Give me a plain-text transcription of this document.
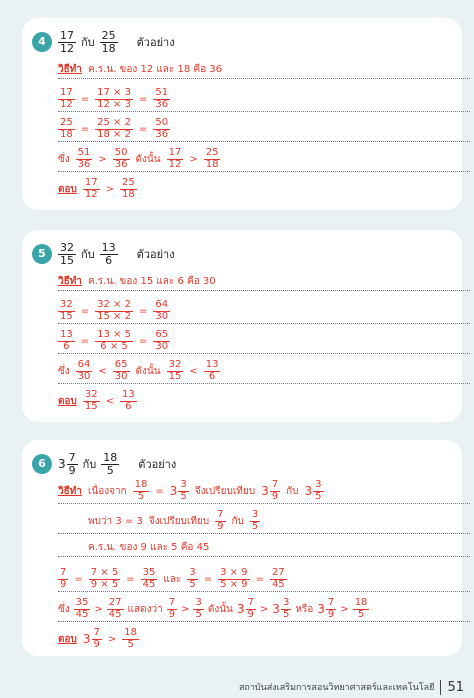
4	$\frac{17}{12}$ กับ $\frac{25}{18}$ ตัวอย่าง
วิธีทำ ค.ร.น. ของ 12 และ 18 คือ 36
$\frac{17}{12} = \frac{17 \times 3}{12 \times 3} = \frac{51}{36}$
$\frac{25}{18} = \frac{25 \times 2}{18 \times 2} = \frac{50}{36}$
ซึ่ง $\frac{51}{36} > \frac{50}{36}$ ดังนั้น $\frac{17}{12} > \frac{25}{18}$
ตอบ $\frac{17}{12} > \frac{25}{18}$
5	$\frac{32}{15}$ กับ $\frac{13}{6}$ ตัวอย่าง
วิธีทำ ค.ร.น. ของ 15 และ 6 คือ 30
$\frac{32}{15} = \frac{32 \times 2}{15 \times 2} = \frac{64}{30}$
$\frac{13}{6} = \frac{13 \times 5}{6 \times 5} = \frac{65}{30}$
ซึ่ง $\frac{64}{30} < \frac{65}{30}$ ดังนั้น $\frac{32}{15} < \frac{13}{6}$
ตอบ $\frac{32}{15} < \frac{13}{6}$
6	$3 \frac{7}{9}$ กับ $\frac{18}{5}$ ตัวอย่าง
วิธีทำ เนื่องจาก $\frac{18}{5} = 3 \frac{3}{5}$ จึงเปรียบเทียบ $3 \frac{7}{9}$ กับ $3 \frac{3}{5}$
พบว่า 3 = 3 จึงเปรียบเทียบ $\frac{7}{9}$ กับ $\frac{3}{5}$
ค.ร.น. ของ 9 และ 5 คือ 45
$\frac{7}{9} = \frac{7 \times 5}{9 \times 5} = \frac{35}{45}$ และ $\frac{3}{5} = \frac{3 \times 9}{5 \times 9} = \frac{27}{45}$
ซึ่ง $\frac{35}{45} > \frac{27}{45}$ แสดงว่า $\frac{7}{9} > \frac{3}{5}$ ดังนั้น $3 \frac{7}{9} > 3 \frac{3}{5}$ หรือ $3 \frac{7}{9} > \frac{18}{5}$
ตอบ $3 \frac{7}{9} > \frac{18}{5}$
สถาบันส่งเสริมการสอนวิทยาศาสตร์และเทคโนโลยี	51
